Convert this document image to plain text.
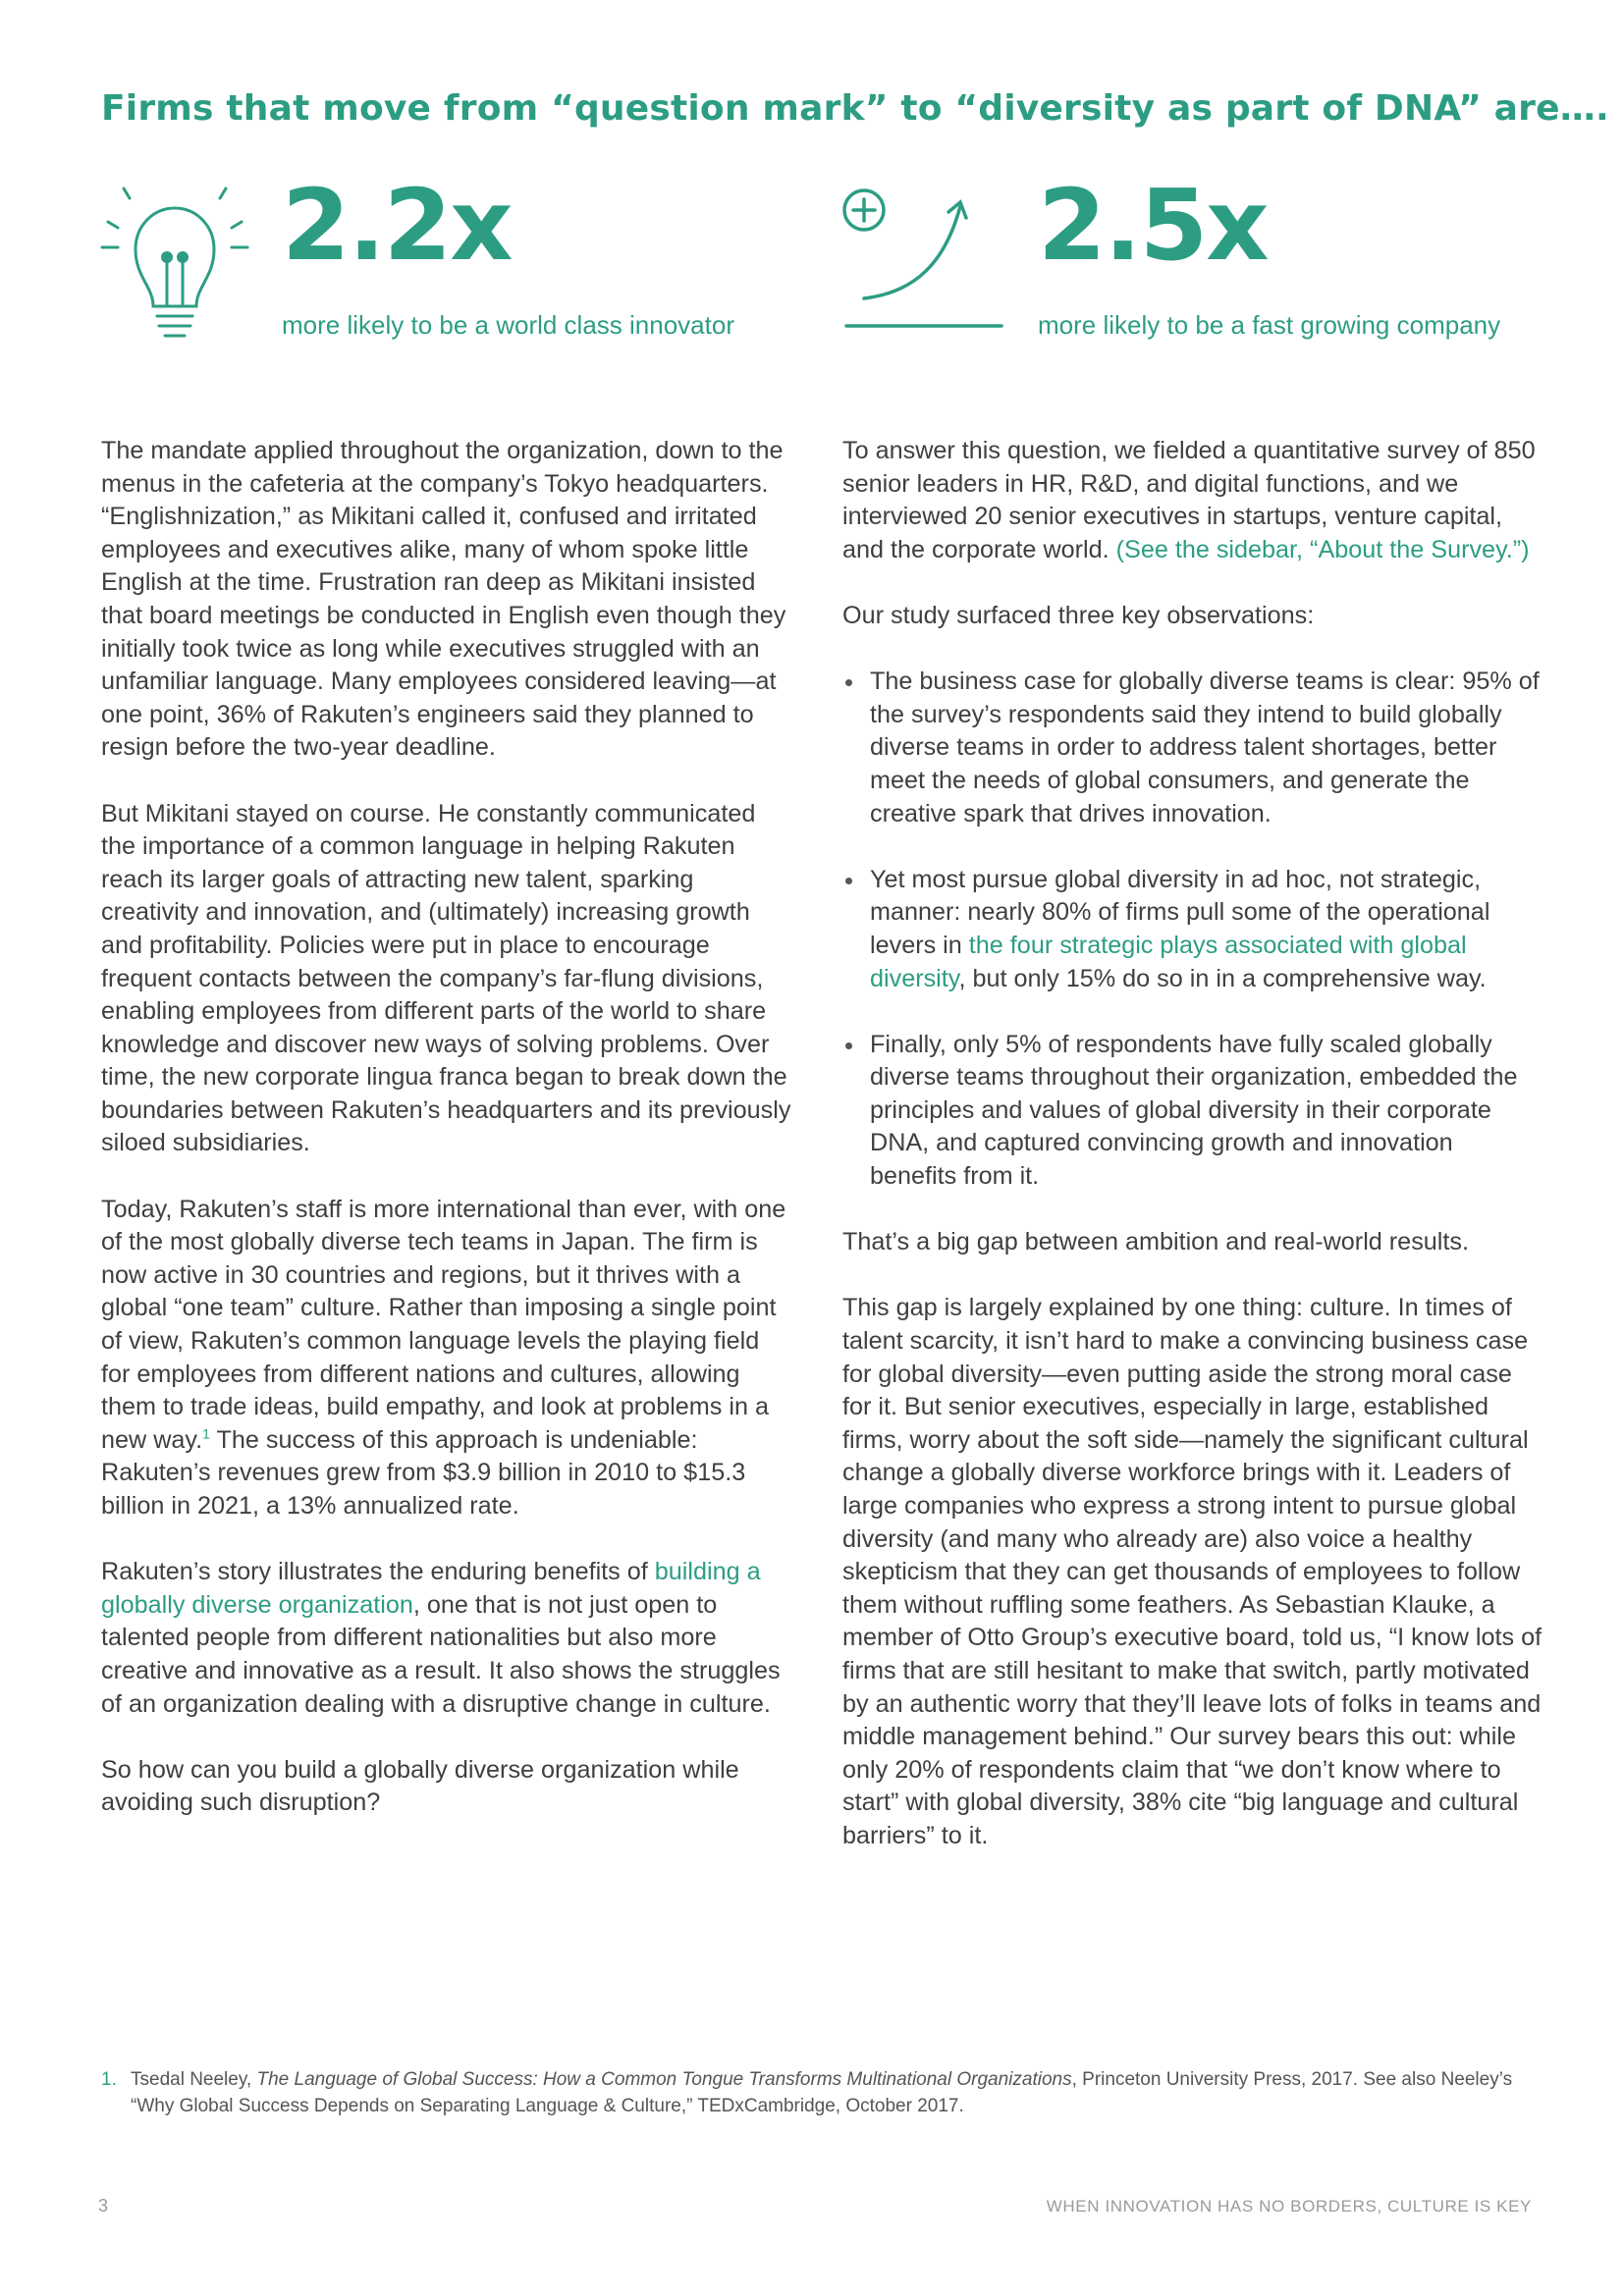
Firms that move from “question mark” to “diversity as part of DNA” are….
2.2x
more likely to be a world class innovator
2.5x
more likely to be a fast growing company

The mandate applied throughout the organization, down to the menus in the cafeteria at the company’s Tokyo headquarters. “Englishnization,” as Mikitani called it, confused and irritated employees and executives alike, many of whom spoke little English at the time. Frustration ran deep as Mikitani insisted that board meetings be conducted in English even though they initially took twice as long while executives struggled with an unfamiliar language. Many employees considered leaving—at one point, 36% of Rakuten’s engineers said they planned to resign before the two-year deadline.

But Mikitani stayed on course. He constantly communicated the importance of a common language in helping Rakuten reach its larger goals of attracting new talent, sparking creativity and innovation, and (ultimately) increasing growth and profitability. Policies were put in place to encourage frequent contacts between the company’s far-flung divisions, enabling employees from different parts of the world to share knowledge and discover new ways of solving problems. Over time, the new corporate lingua franca began to break down the boundaries between Rakuten’s headquarters and its previously siloed subsidiaries.

Today, Rakuten’s staff is more international than ever, with one of the most globally diverse tech teams in Japan. The firm is now active in 30 countries and regions, but it thrives with a global “one team” culture. Rather than imposing a single point of view, Rakuten’s common language levels the playing field for employees from different nations and cultures, allowing them to trade ideas, build empathy, and look at problems in a new way.$^1$ The success of this approach is undeniable: Rakuten’s revenues grew from $3.9 billion in 2010 to $15.3 billion in 2021, a 13% annualized rate.

Rakuten’s story illustrates the enduring benefits of building a globally diverse organization, one that is not just open to talented people from different nationalities but also more creative and innovative as a result. It also shows the struggles of an organization dealing with a disruptive change in culture.

So how can you build a globally diverse organization while avoiding such disruption?

To answer this question, we fielded a quantitative survey of 850 senior leaders in HR, R&D, and digital functions, and we interviewed 20 senior executives in startups, venture capital, and the corporate world. (See the sidebar, “About the Survey.”)

Our study surfaced three key observations:

The business case for globally diverse teams is clear: 95% of the survey’s respondents said they intend to build globally diverse teams in order to address talent shortages, better meet the needs of global consumers, and generate the creative spark that drives innovation.
Yet most pursue global diversity in ad hoc, not strategic, manner: nearly 80% of firms pull some of the operational levers in the four strategic plays associated with global diversity, but only 15% do so in in a comprehensive way.
Finally, only 5% of respondents have fully scaled globally diverse teams throughout their organization, embedded the principles and values of global diversity in their corporate DNA, and captured convincing growth and innovation benefits from it.

That’s a big gap between ambition and real-world results.

This gap is largely explained by one thing: culture. In times of talent scarcity, it isn’t hard to make a convincing business case for global diversity—even putting aside the strong moral case for it. But senior executives, especially in large, established firms, worry about the soft side—namely the significant cultural change a globally diverse workforce brings with it. Leaders of large companies who express a strong intent to pursue global diversity (and many who already are) also voice a healthy skepticism that they can get thousands of employees to follow them without ruffling some feathers. As Sebastian Klauke, a member of Otto Group’s executive board, told us, “I know lots of firms that are still hesitant to make that switch, partly motivated by an authentic worry that they’ll leave lots of folks in teams and middle management behind.” Our survey bears this out: while only 20% of respondents claim that “we don’t know where to start” with global diversity, 38% cite “big language and cultural barriers” to it.

1. Tsedal Neeley, The Language of Global Success: How a Common Tongue Transforms Multinational Organizations, Princeton University Press, 2017. See also Neeley’s “Why Global Success Depends on Separating Language & Culture,” TEDxCambridge, October 2017.
3	WHEN INNOVATION HAS NO BORDERS, CULTURE IS KEY
